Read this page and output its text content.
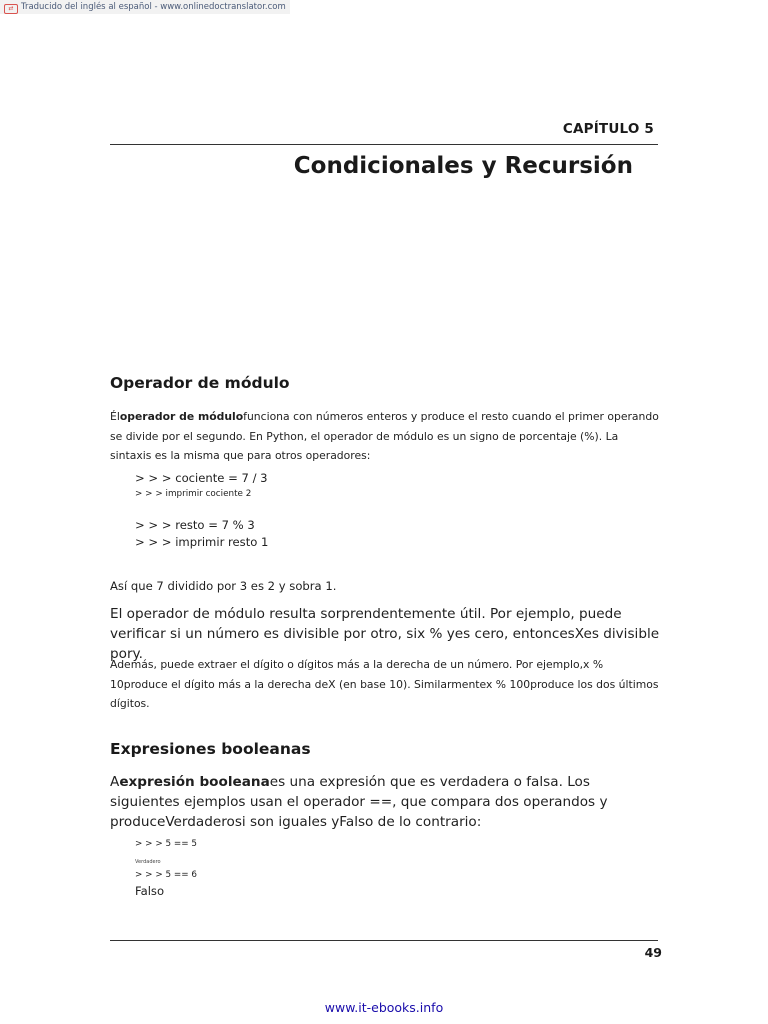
⇄ Traducido del inglés al español - www.onlinedoctranslator.com
CAPÍTULO 5
Condicionales y Recursión
Operador de módulo

Éloperador de módulofunciona con números enteros y produce el resto cuando el primer operando se divide por el segundo. En Python, el operador de módulo es un signo de porcentaje (%). La sintaxis es la misma que para otros operadores:

> > > cociente = 7 / 3
> > > imprimir cociente 2
> > > resto = 7 % 3
> > > imprimir resto 1

Así que 7 dividido por 3 es 2 y sobra 1.

El operador de módulo resulta sorprendentemente útil. Por ejemplo, puede verificar si un número es divisible por otro, six % yes cero, entoncesXes divisible pory.

Además, puede extraer el dígito o dígitos más a la derecha de un número. Por ejemplo,x % 10produce el dígito más a la derecha deX (en base 10). Similarmentex % 100produce los dos últimos dígitos.

Expresiones booleanas

Aexpresión booleanaes una expresión que es verdadera o falsa. Los siguientes ejemplos usan el operador ==, que compara dos operandos y produceVerdaderosi son iguales yFalso de lo contrario:

> > > 5 == 5
Verdadero
> > > 5 == 6
Falso
49
www.it-ebooks.info
